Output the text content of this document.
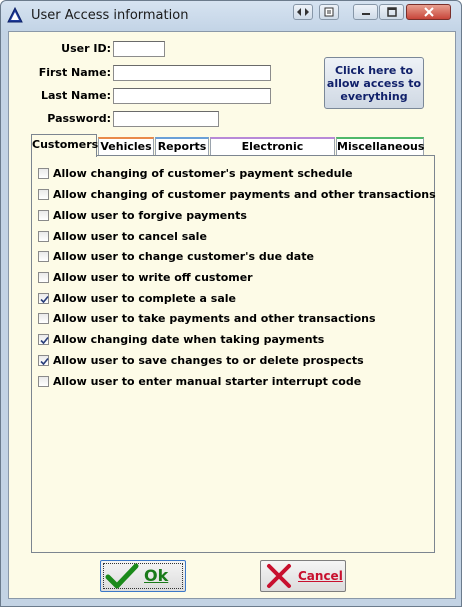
User Access information
User ID:
First Name:
Last Name:
Password:
Click here to
allow access to
everything
Customers Vehicles Reports	Electronic	Miscellaneous
Allow changing of customer's payment schedule
Allow changing of customer payments and other transactions
Allow user to forgive payments
Allow user to cancel sale
Allow user to change customer's due date
Allow user to write off customer
Allow user to complete a sale
Allow user to take payments and other transactions
Allow changing date when taking payments
Allow user to save changes to or delete prospects
Allow user to enter manual starter interrupt code
Ok	Cancel
